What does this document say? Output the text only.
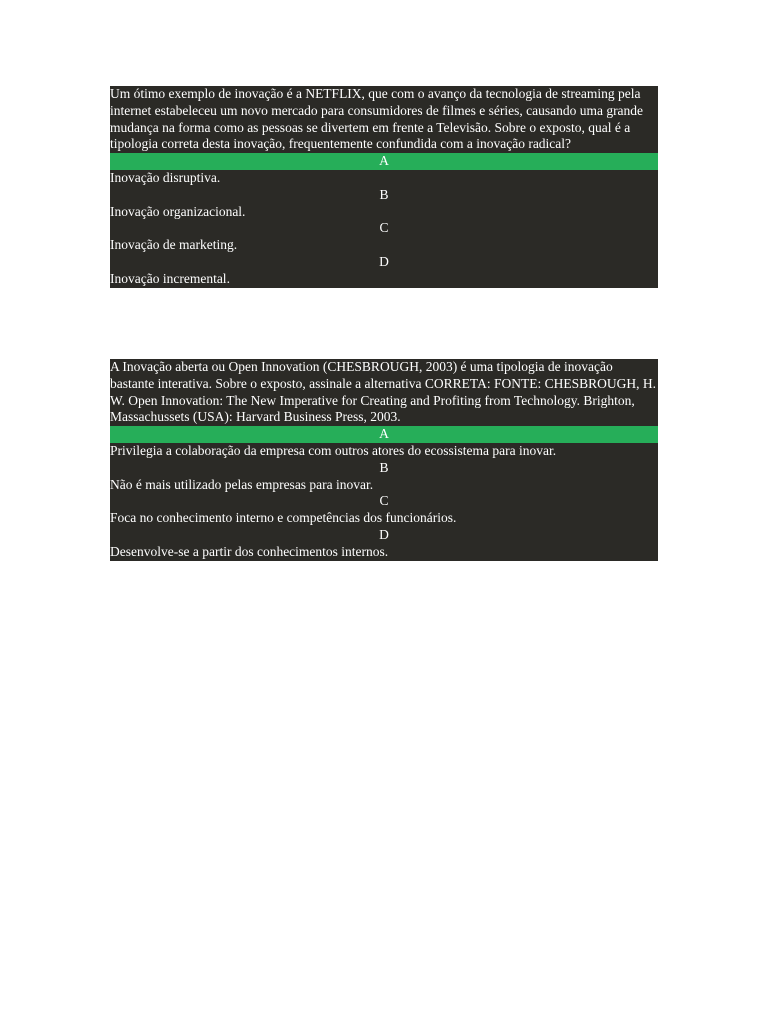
Um ótimo exemplo de inovação é a NETFLIX, que com o avanço da tecnologia de streaming pela internet estabeleceu um novo mercado para consumidores de filmes e séries, causando uma grande mudança na forma como as pessoas se divertem em frente a Televisão. Sobre o exposto, qual é a tipologia correta desta inovação, frequentemente confundida com a inovação radical?
A
Inovação disruptiva.
B
Inovação organizacional.
C
Inovação de marketing.
D
Inovação incremental.
A Inovação aberta ou Open Innovation (CHESBROUGH, 2003) é uma tipologia de inovação bastante interativa. Sobre o exposto, assinale a alternativa CORRETA: FONTE: CHESBROUGH, H. W. Open Innovation: The New Imperative for Creating and Profiting from Technology. Brighton, Massachussets (USA): Harvard Business Press, 2003.
A
Privilegia a colaboração da empresa com outros atores do ecossistema para inovar.
B
Não é mais utilizado pelas empresas para inovar.
C
Foca no conhecimento interno e competências dos funcionários.
D
Desenvolve-se a partir dos conhecimentos internos.
